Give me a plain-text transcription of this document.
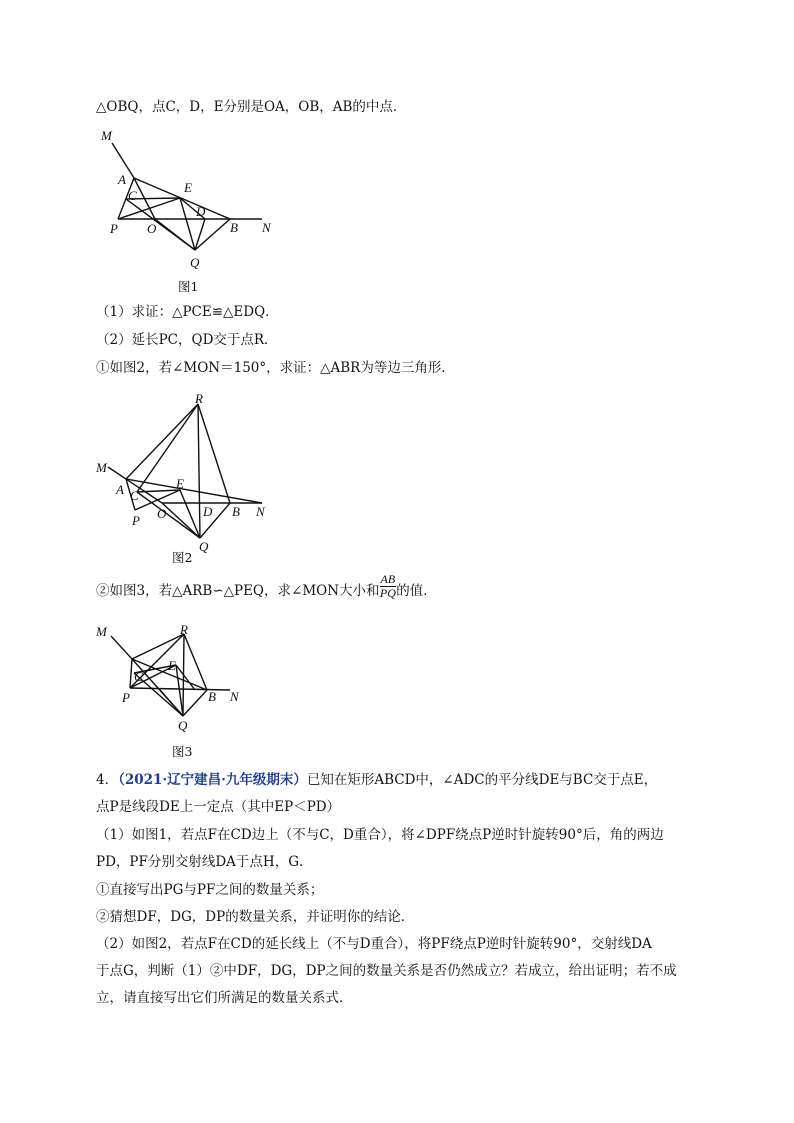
△OBQ，点C，D，E分别是OA，OB，AB的中点．
M
A
C
E
D
P O	B N
Q
图1
（1）求证：△PCE≌△EDQ．
（2）延长PC，QD交于点R．
①如图2，若∠MON＝150°，求证：△ABR为等边三角形．
R
M
A C
E
P O	D B N
Q
图2
②如图3，若△ARB∽△PEQ，求∠MON大小和 $\frac{AB}{PQ}$ 的值．
M	R
E
C
P	B N
Q
图3
4．（2021·辽宁建昌·九年级期末）已知在矩形ABCD中，∠ADC的平分线DE与BC交于点E，
点P是线段DE上一定点（其中EP＜PD）
（1）如图1，若点F在CD边上（不与C，D重合），将∠DPF绕点P逆时针旋转90°后，角的两边
PD，PF分别交射线DA于点H，G．
①直接写出PG与PF之间的数量关系；
②猜想DF，DG，DP的数量关系，并证明你的结论．
（2）如图2，若点F在CD的延长线上（不与D重合），将PF绕点P逆时针旋转90°，交射线DA
于点G，判断（1）②中DF，DG，DP之间的数量关系是否仍然成立？若成立，给出证明；若不成
立，请直接写出它们所满足的数量关系式．
